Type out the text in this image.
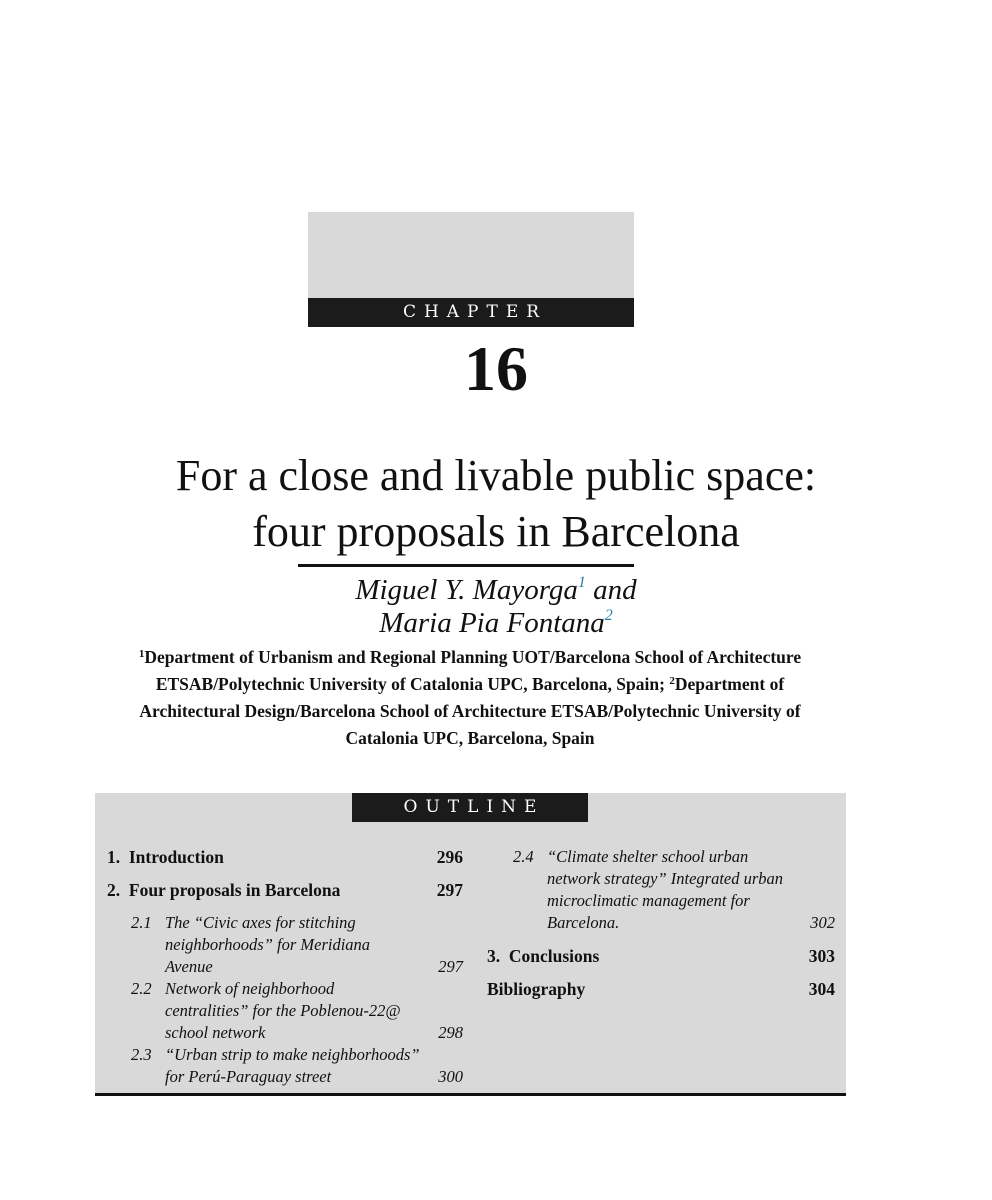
CHAPTER
16
For a close and livable public space:
four proposals in Barcelona
Miguel Y. Mayorga$^1$ and
Maria Pia Fontana$^2$
$^1$Department of Urbanism and Regional Planning UOT/Barcelona School of Architecture ETSAB/Polytechnic University of Catalonia UPC, Barcelona, Spain; $^2$Department of Architectural Design/Barcelona School of Architecture ETSAB/Polytechnic University of Catalonia UPC, Barcelona, Spain
OUTLINE
1.  Introduction	296
2.  Four proposals in Barcelona	297
2.1 The “Civic axes for stitching
neighborhoods” for Meridiana
Avenue	297
2.2 Network of neighborhood
centralities” for the Poblenou-22@
school network	298
2.3 “Urban strip to make neighborhoods”
for Perú-Paraguay street	300
2.4 “Climate shelter school urban
network strategy” Integrated urban
microclimatic management for
Barcelona.	302
3.  Conclusions	303
Bibliography	304
